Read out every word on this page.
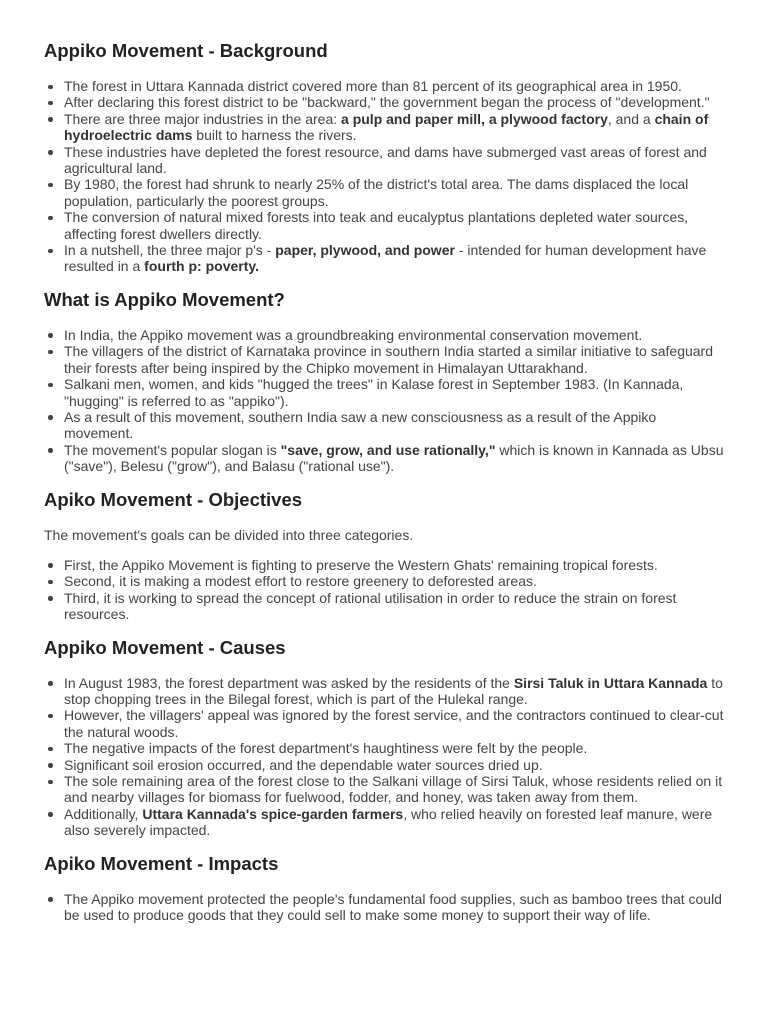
Appiko Movement - Background
The forest in Uttara Kannada district covered more than 81 percent of its geographical area in 1950.
After declaring this forest district to be "backward," the government began the process of "development."
There are three major industries in the area: a pulp and paper mill, a plywood factory, and a chain of hydroelectric dams built to harness the rivers.
These industries have depleted the forest resource, and dams have submerged vast areas of forest and agricultural land.
By 1980, the forest had shrunk to nearly 25% of the district's total area. The dams displaced the local population, particularly the poorest groups.
The conversion of natural mixed forests into teak and eucalyptus plantations depleted water sources, affecting forest dwellers directly.
In a nutshell, the three major p's - paper, plywood, and power - intended for human development have resulted in a fourth p: poverty.
What is Appiko Movement?
In India, the Appiko movement was a groundbreaking environmental conservation movement.
The villagers of the district of Karnataka province in southern India started a similar initiative to safeguard their forests after being inspired by the Chipko movement in Himalayan Uttarakhand.
Salkani men, women, and kids "hugged the trees" in Kalase forest in September 1983. (In Kannada, "hugging" is referred to as "appiko").
As a result of this movement, southern India saw a new consciousness as a result of the Appiko movement.
The movement's popular slogan is "save, grow, and use rationally," which is known in Kannada as Ubsu ("save"), Belesu ("grow"), and Balasu ("rational use").
Apiko Movement - Objectives

The movement's goals can be divided into three categories.

First, the Appiko Movement is fighting to preserve the Western Ghats' remaining tropical forests.
Second, it is making a modest effort to restore greenery to deforested areas.
Third, it is working to spread the concept of rational utilisation in order to reduce the strain on forest resources.
Appiko Movement - Causes
In August 1983, the forest department was asked by the residents of the Sirsi Taluk in Uttara Kannada to stop chopping trees in the Bilegal forest, which is part of the Hulekal range.
However, the villagers' appeal was ignored by the forest service, and the contractors continued to clear-cut the natural woods.
The negative impacts of the forest department's haughtiness were felt by the people.
Significant soil erosion occurred, and the dependable water sources dried up.
The sole remaining area of the forest close to the Salkani village of Sirsi Taluk, whose residents relied on it and nearby villages for biomass for fuelwood, fodder, and honey, was taken away from them.
Additionally, Uttara Kannada's spice-garden farmers, who relied heavily on forested leaf manure, were also severely impacted.
Apiko Movement - Impacts
The Appiko movement protected the people's fundamental food supplies, such as bamboo trees that could be used to produce goods that they could sell to make some money to support their way of life.
